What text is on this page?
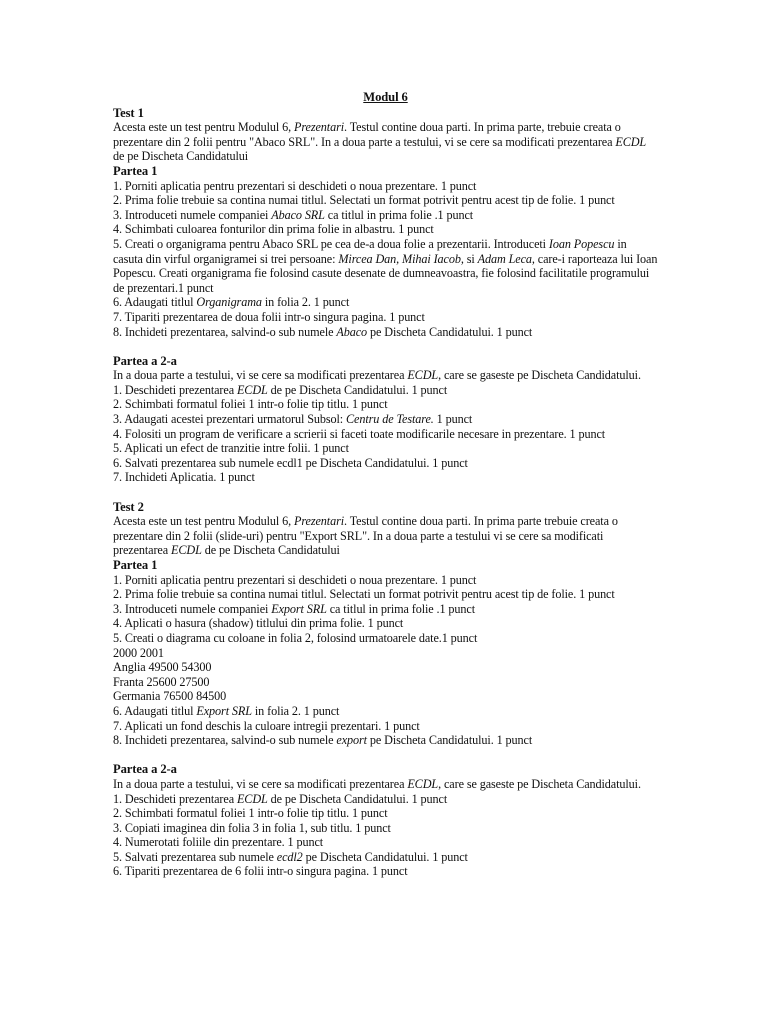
Modul 6
Test 1
Acesta este un test pentru Modulul 6, Prezentari. Testul contine doua parti. In prima parte, trebuie creata o prezentare din 2 folii pentru "Abaco SRL". In a doua parte a testului, vi se cere sa modificati prezentarea ECDL de pe Discheta Candidatului
Partea 1
1. Porniti aplicatia pentru prezentari si deschideti o noua prezentare. 1 punct
2. Prima folie trebuie sa contina numai titlul. Selectati un format potrivit pentru acest tip de folie. 1 punct
3. Introduceti numele companiei Abaco SRL ca titlul in prima folie .1 punct
4. Schimbati culoarea fonturilor din prima folie in albastru. 1 punct
5. Creati o organigrama pentru Abaco SRL pe cea de-a doua folie a prezentarii. Introduceti Ioan Popescu in casuta din virful organigramei si trei persoane: Mircea Dan, Mihai Iacob, si Adam Leca, care-i raporteaza lui Ioan Popescu. Creati organigrama fie folosind casute desenate de dumneavoastra, fie folosind facilitatile programului de prezentari.1 punct
6. Adaugati titlul Organigrama in folia 2. 1 punct
7. Tipariti prezentarea de doua folii intr-o singura pagina. 1 punct
8. Inchideti prezentarea, salvind-o sub numele Abaco pe Discheta Candidatului. 1 punct
Partea a 2-a
In a doua parte a testului, vi se cere sa modificati prezentarea ECDL, care se gaseste pe Discheta Candidatului.
1. Deschideti prezentarea ECDL de pe Discheta Candidatului. 1 punct
2. Schimbati formatul foliei 1 intr-o folie tip titlu. 1 punct
3. Adaugati acestei prezentari urmatorul Subsol: Centru de Testare. 1 punct
4. Folositi un program de verificare a scrierii si faceti toate modificarile necesare in prezentare. 1 punct
5. Aplicati un efect de tranzitie intre folii. 1 punct
6. Salvati prezentarea sub numele ecdl1 pe Discheta Candidatului. 1 punct
7. Inchideti Aplicatia. 1 punct
Test 2
Acesta este un test pentru Modulul 6, Prezentari. Testul contine doua parti. In prima parte trebuie creata o prezentare din 2 folii (slide-uri) pentru "Export SRL". In a doua parte a testului vi se cere sa modificati prezentarea ECDL de pe Discheta Candidatului
Partea 1
1. Porniti aplicatia pentru prezentari si deschideti o noua prezentare. 1 punct
2. Prima folie trebuie sa contina numai titlul. Selectati un format potrivit pentru acest tip de folie. 1 punct
3. Introduceti numele companiei Export SRL ca titlul in prima folie .1 punct
4. Aplicati o hasura (shadow) titlului din prima folie. 1 punct
5. Creati o diagrama cu coloane in folia 2, folosind urmatoarele date.1 punct
2000 2001
Anglia 49500 54300
Franta 25600 27500
Germania 76500 84500
6. Adaugati titlul Export SRL in folia 2. 1 punct
7. Aplicati un fond deschis la culoare intregii prezentari. 1 punct
8. Inchideti prezentarea, salvind-o sub numele export pe Discheta Candidatului. 1 punct
Partea a 2-a
In a doua parte a testului, vi se cere sa modificati prezentarea ECDL, care se gaseste pe Discheta Candidatului.
1. Deschideti prezentarea ECDL de pe Discheta Candidatului. 1 punct
2. Schimbati formatul foliei 1 intr-o folie tip titlu. 1 punct
3. Copiati imaginea din folia 3 in folia 1, sub titlu. 1 punct
4. Numerotati foliile din prezentare. 1 punct
5. Salvati prezentarea sub numele ecdl2 pe Discheta Candidatului. 1 punct
6. Tipariti prezentarea de 6 folii intr-o singura pagina. 1 punct
